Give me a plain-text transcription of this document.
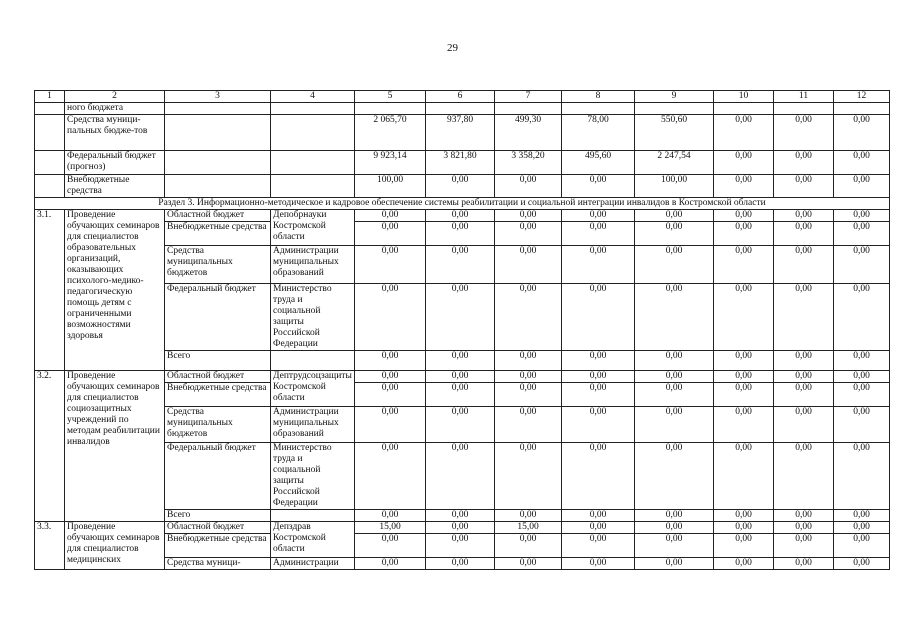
29
1	2	3	4	5	6	7	8	9	10	11	12
	ного бюджета										
	Средства муници-пальных бюдже-тов			2 065,70	937,80	499,30	78,00	550,60	0,00	0,00	0,00
	Федеральный бюджет (прогноз)			9 923,14	3 821,80	3 358,20	495,60	2 247,54	0,00	0,00	0,00
	Внебюджетные средства			100,00	0,00	0,00	0,00	100,00	0,00	0,00	0,00
Раздел 3. Информационно-методическое и кадровое обеспечение системы реабилитации и социальной интеграции инвалидов в Костромской области											
3.1.	Проведение обучающих семинаров для специалистов образовательных организаций, оказывающих психолого-медико-педагогическую помощь детям с ограниченными возможностями здоровья	Областной бюджет	Депобрнауки Костромской области	0,00	0,00	0,00	0,00	0,00	0,00	0,00	0,00
		Внебюджетные средства		0,00	0,00	0,00	0,00	0,00	0,00	0,00	0,00
		Средства муниципальных бюджетов	Администрации муниципальных образований	0,00	0,00	0,00	0,00	0,00	0,00	0,00	0,00
		Федеральный бюджет	Министерство труда и социальной защиты Российской Федерации	0,00	0,00	0,00	0,00	0,00	0,00	0,00	0,00
		Всего		0,00	0,00	0,00	0,00	0,00	0,00	0,00	0,00
3.2.	Проведение обучающих семинаров для специалистов социозащитных учреждений по методам реабилитации инвалидов	Областной бюджет	Дептрудсоцзащиты Костромской области	0,00	0,00	0,00	0,00	0,00	0,00	0,00	0,00
		Внебюджетные средства		0,00	0,00	0,00	0,00	0,00	0,00	0,00	0,00
		Средства муниципальных бюджетов	Администрации муниципальных образований	0,00	0,00	0,00	0,00	0,00	0,00	0,00	0,00
		Федеральный бюджет	Министерство труда и социальной защиты Российской Федерации	0,00	0,00	0,00	0,00	0,00	0,00	0,00	0,00
		Всего		0,00	0,00	0,00	0,00	0,00	0,00	0,00	0,00
3.3.	Проведение обучающих семинаров для специалистов медицинских	Областной бюджет	Депздрав Костромской области	15,00	0,00	15,00	0,00	0,00	0,00	0,00	0,00
		Внебюджетные средства		0,00	0,00	0,00	0,00	0,00	0,00	0,00	0,00
		Средства муници-	Администрации	0,00	0,00	0,00	0,00	0,00	0,00	0,00	0,00
